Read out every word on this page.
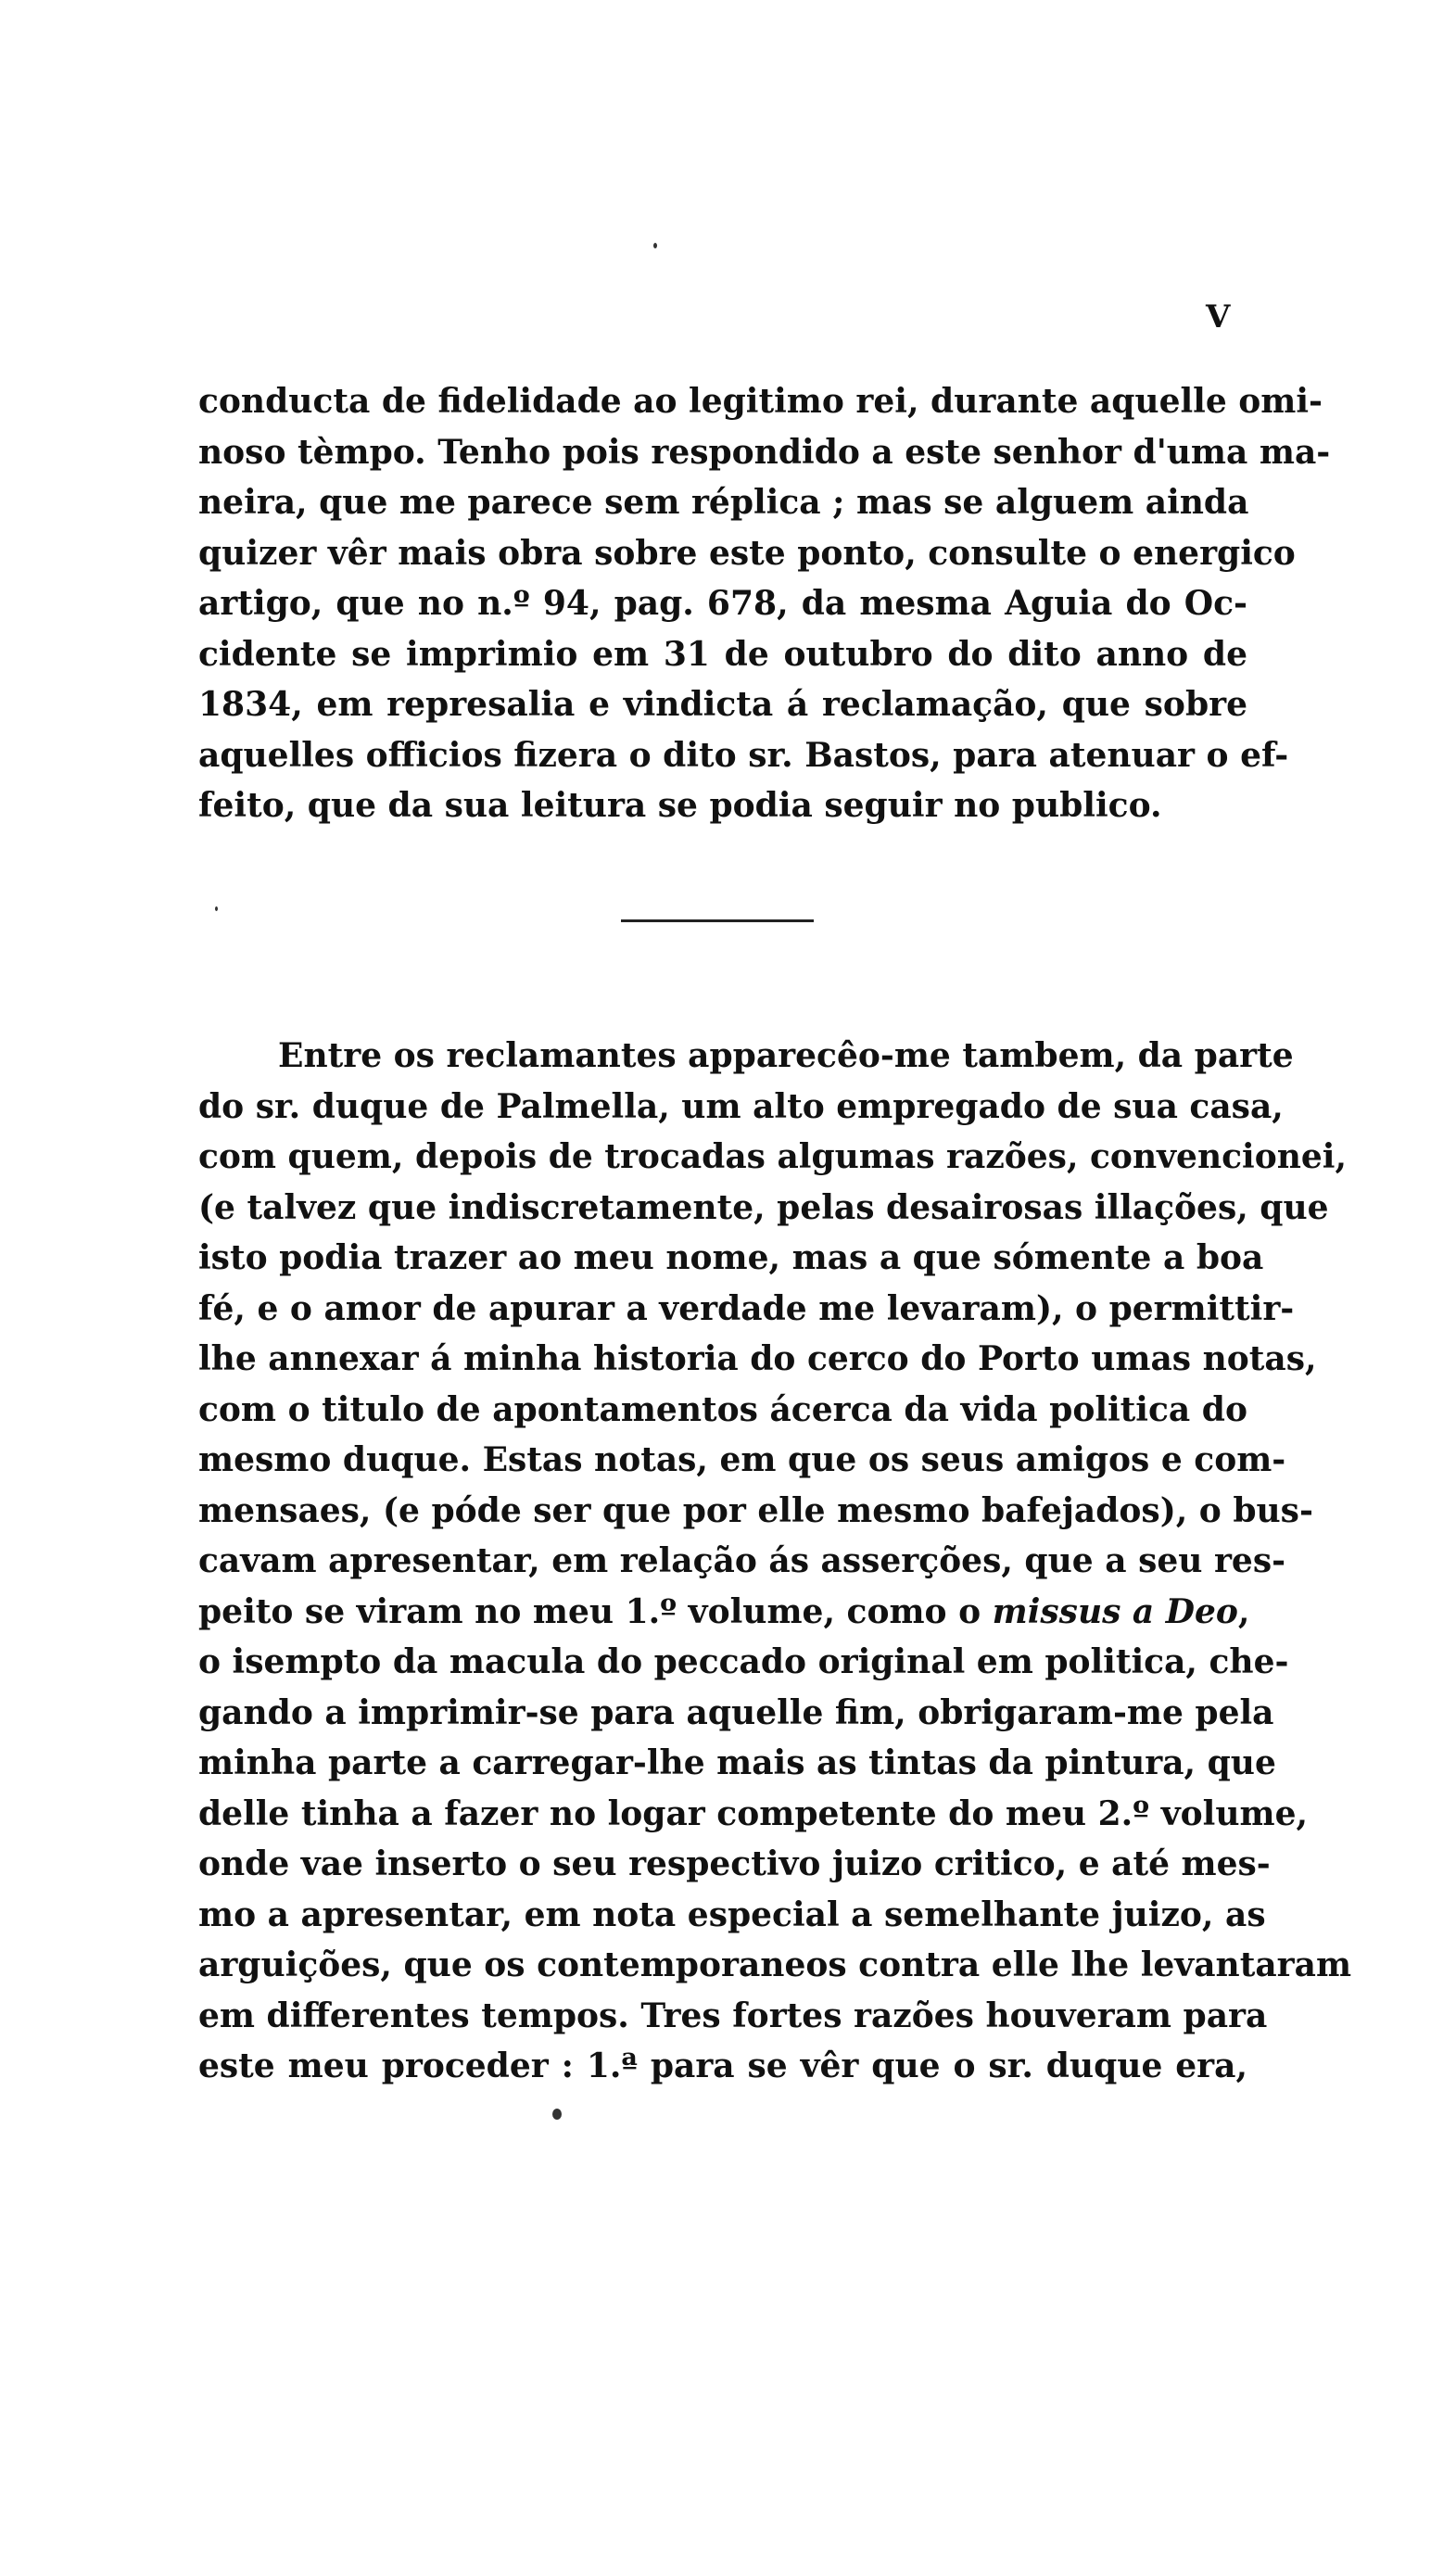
V
conducta de fidelidade ao legitimo rei, durante aquelle omi-
noso tèmpo. Tenho pois respondido a este senhor d'uma ma-
neira, que me parece sem réplica ; mas se alguem ainda
quizer vêr mais obra sobre este ponto, consulte o energico
artigo, que no n.º 94, pag. 678, da mesma Aguia do Oc-
cidente se imprimio em 31 de outubro do dito anno de
1834, em represalia e vindicta á reclamação, que sobre
aquelles officios fizera o dito sr. Bastos, para atenuar o ef-
feito, que da sua leitura se podia seguir no publico.
Entre os reclamantes apparecêo-me tambem, da parte
do sr. duque de Palmella, um alto empregado de sua casa,
com quem, depois de trocadas algumas razões, convencionei,
(e talvez que indiscretamente, pelas desairosas illações, que
isto podia trazer ao meu nome, mas a que sómente a boa
fé, e o amor de apurar a verdade me levaram), o permittir-
lhe annexar á minha historia do cerco do Porto umas notas,
com o titulo de apontamentos ácerca da vida politica do
mesmo duque. Estas notas, em que os seus amigos e com-
mensaes, (e póde ser que por elle mesmo bafejados), o bus-
cavam apresentar, em relação ás asserções, que a seu res-
peito se viram no meu 1.º volume, como o missus a Deo,
o isempto da macula do peccado original em politica, che-
gando a imprimir-se para aquelle fim, obrigaram-me pela
minha parte a carregar-lhe mais as tintas da pintura, que
delle tinha a fazer no logar competente do meu 2.º volume,
onde vae inserto o seu respectivo juizo critico, e até mes-
mo a apresentar, em nota especial a semelhante juizo, as
arguições, que os contemporaneos contra elle lhe levantaram
em differentes tempos. Tres fortes razões houveram para
este meu proceder : 1.ª para se vêr que o sr. duque era,
